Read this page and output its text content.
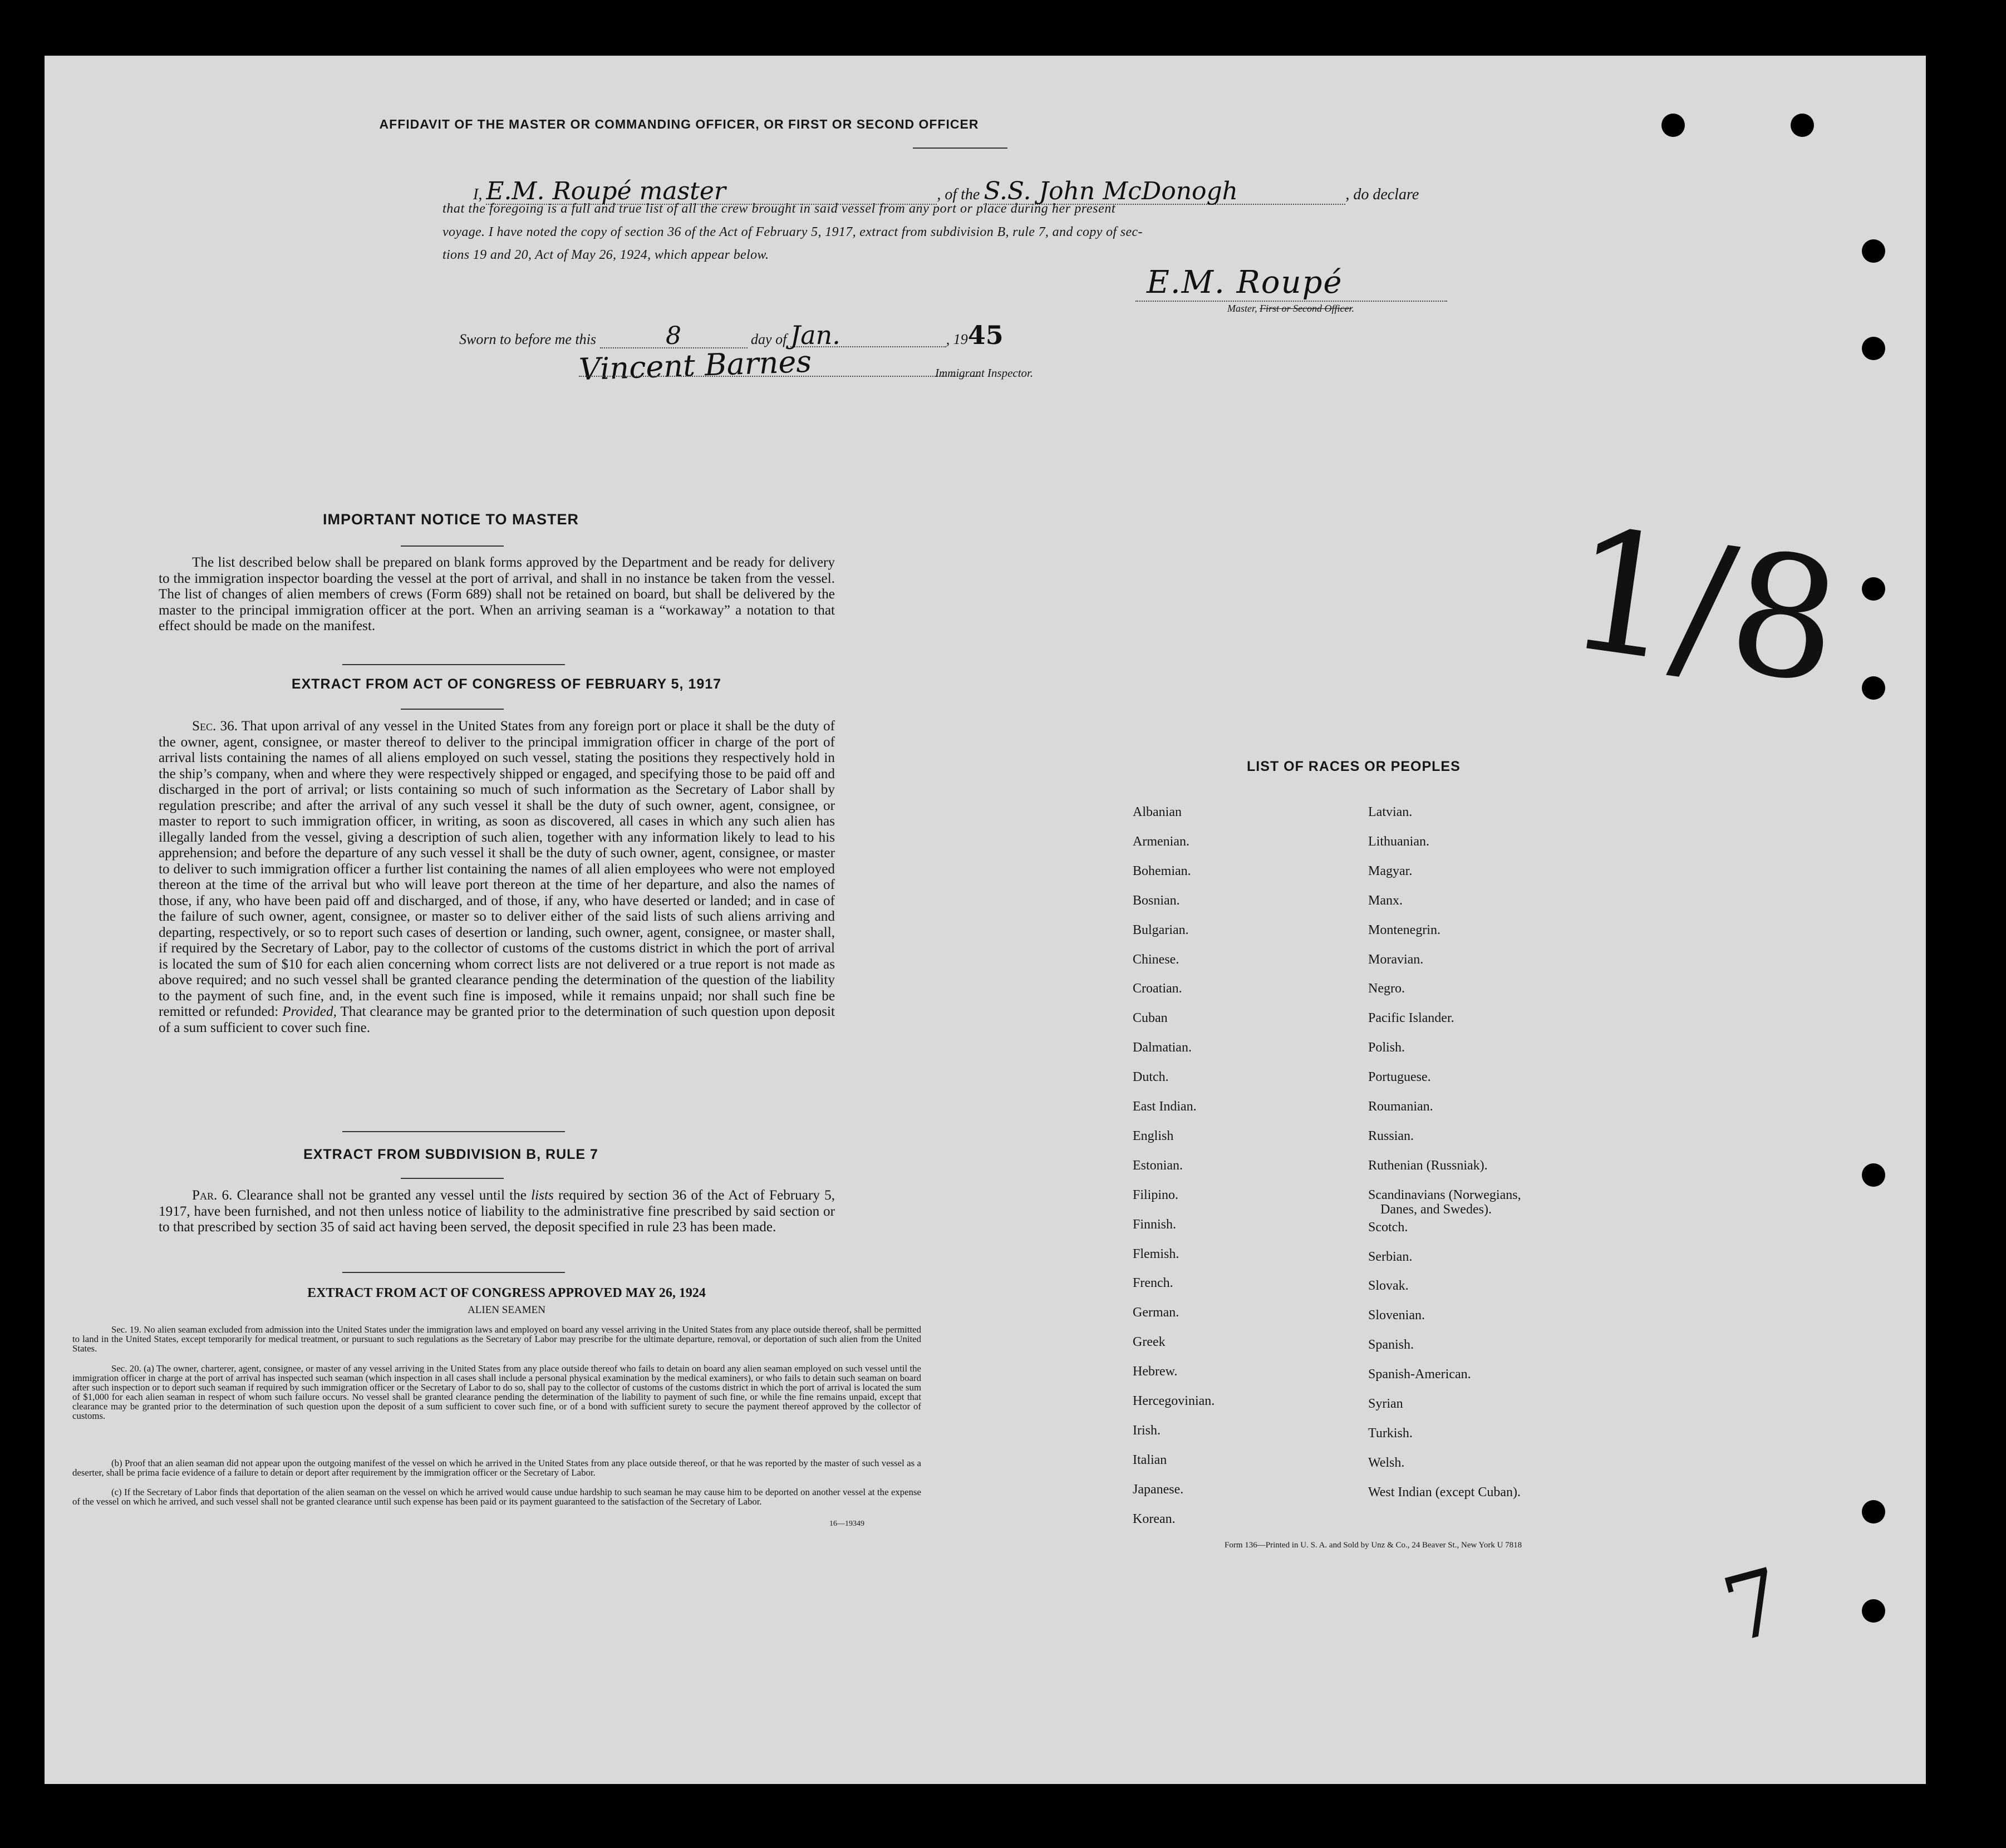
AFFIDAVIT OF THE MASTER OR COMMANDING OFFICER, OR FIRST OR SECOND OFFICER
I, E.M. Roupé master	, of the S.S. John McDonogh	, do declare
that the foregoing is a full and true list of all the crew brought in said vessel from any port or place during her present
voyage. I have noted the copy of section 36 of the Act of February 5, 1917, extract from subdivision B, rule 7, and copy of sec-
tions 19 and 20, Act of May 26, 1924, which appear below.
E.M. Roupé
Master, First or Second Officer.
Sworn to before me this	8	day of Jan.	, 1945
Vincent Barnes	Immigrant Inspector.
IMPORTANT NOTICE TO MASTER
The list described below shall be prepared on blank forms approved by the Department and be ready for delivery to the immigration inspector boarding the vessel at the port of arrival, and shall in no instance be taken from the vessel. The list of changes of alien members of crews (Form 689) shall not be retained on board, but shall be delivered by the master to the principal immigration officer at the port. When an arriving seaman is a “workaway” a notation to that effect should be made on the manifest.
EXTRACT FROM ACT OF CONGRESS OF FEBRUARY 5, 1917
Sec. 36. That upon arrival of any vessel in the United States from any foreign port or place it shall be the duty of the owner, agent, consignee, or master thereof to deliver to the principal immigration officer in charge of the port of arrival lists containing the names of all aliens employed on such vessel, stating the positions they respectively hold in the ship’s company, when and where they were respectively shipped or engaged, and specifying those to be paid off and discharged in the port of arrival; or lists containing so much of such information as the Secretary of Labor shall by regulation prescribe; and after the arrival of any such vessel it shall be the duty of such owner, agent, consignee, or master to report to such immigration officer, in writing, as soon as discovered, all cases in which any such alien has illegally landed from the vessel, giving a description of such alien, together with any information likely to lead to his apprehension; and before the departure of any such vessel it shall be the duty of such owner, agent, consignee, or master to deliver to such immigration officer a further list containing the names of all alien employees who were not employed thereon at the time of the arrival but who will leave port thereon at the time of her departure, and also the names of those, if any, who have been paid off and discharged, and of those, if any, who have deserted or landed; and in case of the failure of such owner, agent, consignee, or master so to deliver either of the said lists of such aliens arriving and departing, respectively, or so to report such cases of desertion or landing, such owner, agent, consignee, or master shall, if required by the Secretary of Labor, pay to the collector of customs of the customs district in which the port of arrival is located the sum of $10 for each alien concerning whom correct lists are not delivered or a true report is not made as above required; and no such vessel shall be granted clearance pending the determination of the question of the liability to the payment of such fine, and, in the event such fine is imposed, while it remains unpaid; nor shall such fine be remitted or refunded: Provided, That clearance may be granted prior to the determination of such question upon deposit of a sum sufficient to cover such fine.
EXTRACT FROM SUBDIVISION B, RULE 7
Par. 6. Clearance shall not be granted any vessel until the lists required by section 36 of the Act of February 5, 1917, have been furnished, and not then unless notice of liability to the administrative fine prescribed by said section or to that prescribed by section 35 of said act having been served, the deposit specified in rule 23 has been made.
EXTRACT FROM ACT OF CONGRESS APPROVED MAY 26, 1924
ALIEN SEAMEN
Sec. 19. No alien seaman excluded from admission into the United States under the immigration laws and employed on board any vessel arriving in the United States from any place outside thereof, shall be permitted to land in the United States, except temporarily for medical treatment, or pursuant to such regulations as the Secretary of Labor may prescribe for the ultimate departure, removal, or deportation of such alien from the United States.
Sec. 20. (a) The owner, charterer, agent, consignee, or master of any vessel arriving in the United States from any place outside thereof who fails to detain on board any alien seaman employed on such vessel until the immigration officer in charge at the port of arrival has inspected such seaman (which inspection in all cases shall include a personal physical examination by the medical examiners), or who fails to detain such seaman on board after such inspection or to deport such seaman if required by such immigration officer or the Secretary of Labor to do so, shall pay to the collector of customs of the customs district in which the port of arrival is located the sum of $1,000 for each alien seaman in respect of whom such failure occurs. No vessel shall be granted clearance pending the determination of the liability to payment of such fine, or while the fine remains unpaid, except that clearance may be granted prior to the determination of such question upon the deposit of a sum sufficient to cover such fine, or of a bond with sufficient surety to secure the payment thereof approved by the collector of customs.
(b) Proof that an alien seaman did not appear upon the outgoing manifest of the vessel on which he arrived in the United States from any place outside thereof, or that he was reported by the master of such vessel as a deserter, shall be prima facie evidence of a failure to detain or deport after requirement by the immigration officer or the Secretary of Labor.
(c) If the Secretary of Labor finds that deportation of the alien seaman on the vessel on which he arrived would cause undue hardship to such seaman he may cause him to be deported on another vessel at the expense of the vessel on which he arrived, and such vessel shall not be granted clearance until such expense has been paid or its payment guaranteed to the satisfaction of the Secretary of Labor.
16—19349
1/8
LIST OF RACES OR PEOPLES
Form 136—Printed in U. S. A. and Sold by Unz & Co., 24 Beaver St., New York U 7818
7
Albanian
Armenian.
Bohemian.
Bosnian.
Bulgarian.
Chinese.
Croatian.
Cuban
Dalmatian.
Dutch.
East Indian.
English
Estonian.
Filipino.
Finnish.
Flemish.
French.
German.
Greek
Hebrew.
Hercegovinian.
Irish.
Italian
Japanese.
Korean.
Latvian.
Lithuanian.
Magyar.
Manx.
Montenegrin.
Moravian.
Negro.
Pacific Islander.
Polish.
Portuguese.
Roumanian.
Russian.
Ruthenian (Russniak).
Scandinavians (Norwegians,
Danes, and Swedes).
Scotch.
Serbian.
Slovak.
Slovenian.
Spanish.
Spanish-American.
Syrian
Turkish.
Welsh.
West Indian (except Cuban).
